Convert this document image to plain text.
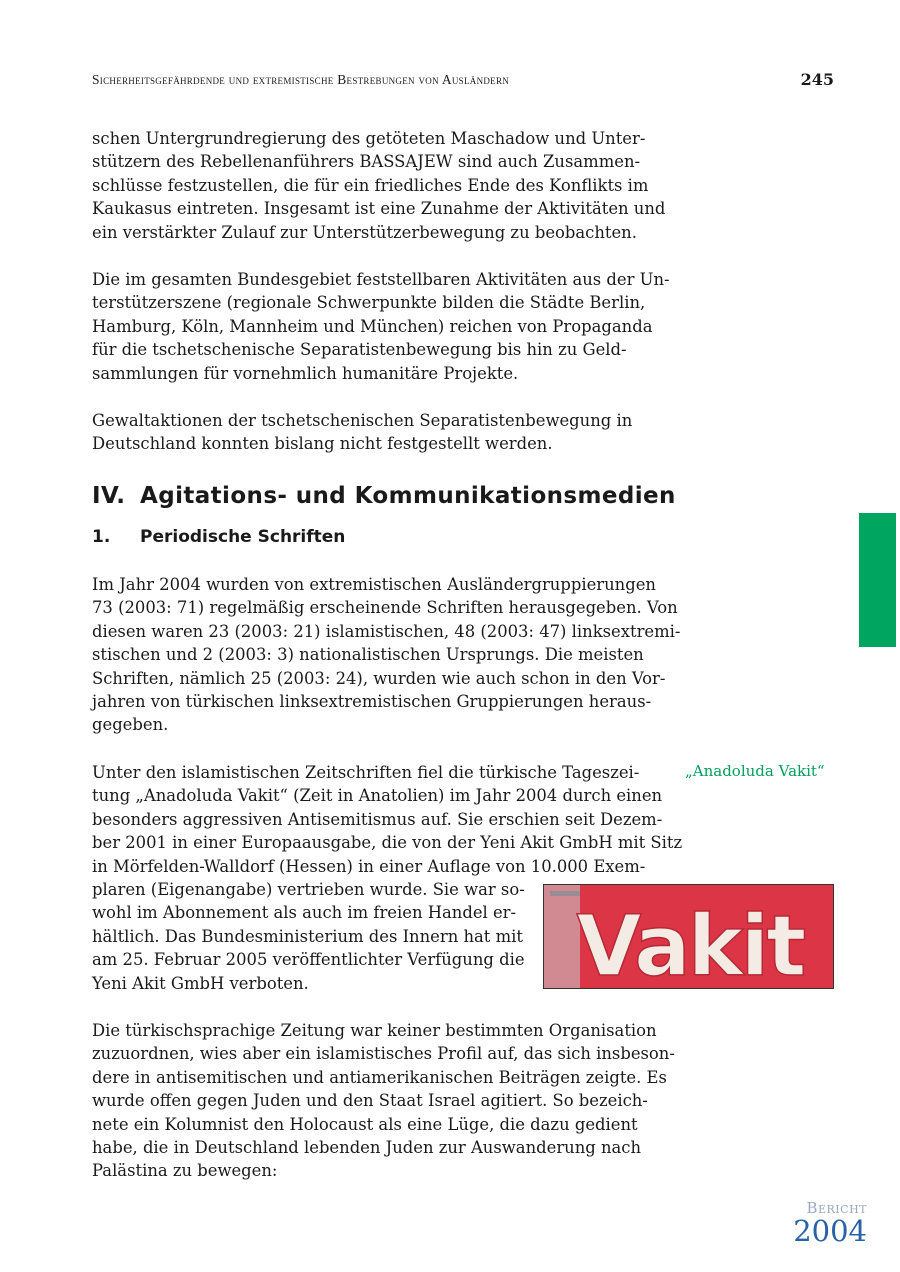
Sicherheitsgefährdende und extremistische Bestrebungen von Ausländern	245

schen Untergrundregierung des getöteten Maschadow und Unter-
stützern des Rebellenanführers BASSAJEW sind auch Zusammen-
schlüsse festzustellen, die für ein friedliches Ende des Konflikts im
Kaukasus eintreten. Insgesamt ist eine Zunahme der Aktivitäten und
ein verstärkter Zulauf zur Unterstützerbewegung zu beobachten.

Die im gesamten Bundesgebiet feststellbaren Aktivitäten aus der Un-
terstützerszene (regionale Schwerpunkte bilden die Städte Berlin,
Hamburg, Köln, Mannheim und München) reichen von Propaganda
für die tschetschenische Separatistenbewegung bis hin zu Geld-
sammlungen für vornehmlich humanitäre Projekte.

Gewaltaktionen der tschetschenischen Separatistenbewegung in
Deutschland konnten bislang nicht festgestellt werden.

IV. Agitations- und Kommunikationsmedien
1. Periodische Schriften

Im Jahr 2004 wurden von extremistischen Ausländergruppierungen
73 (2003: 71) regelmäßig erscheinende Schriften herausgegeben. Von
diesen waren 23 (2003: 21) islamistischen, 48 (2003: 47) linksextremi-
stischen und 2 (2003: 3) nationalistischen Ursprungs. Die meisten
Schriften, nämlich 25 (2003: 24), wurden wie auch schon in den Vor-
jahren von türkischen linksextremistischen Gruppierungen heraus-
gegeben.

Unter den islamistischen Zeitschriften fiel die türkische Tageszei-
tung „Anadoluda Vakit“ (Zeit in Anatolien) im Jahr 2004 durch einen
besonders aggressiven Antisemitismus auf. Sie erschien seit Dezem-
ber 2001 in einer Europaausgabe, die von der Yeni Akit GmbH mit Sitz
in Mörfelden-Walldorf (Hessen) in einer Auflage von 10.000 Exem-
plaren (Eigenangabe) vertrieben wurde. Sie war so-
wohl im Abonnement als auch im freien Handel er-
hältlich. Das Bundesministerium des Innern hat mit
am 25. Februar 2005 veröffentlichter Verfügung die
Yeni Akit GmbH verboten.

Die türkischsprachige Zeitung war keiner bestimmten Organisation
zuzuordnen, wies aber ein islamistisches Profil auf, das sich insbeson-
dere in antisemitischen und antiamerikanischen Beiträgen zeigte. Es
wurde offen gegen Juden und den Staat Israel agitiert. So bezeich-
nete ein Kolumnist den Holocaust als eine Lüge, die dazu gedient
habe, die in Deutschland lebenden Juden zur Auswanderung nach
Palästina zu bewegen:

„Anadoluda Vakit“
Vakit
Bericht
2004
